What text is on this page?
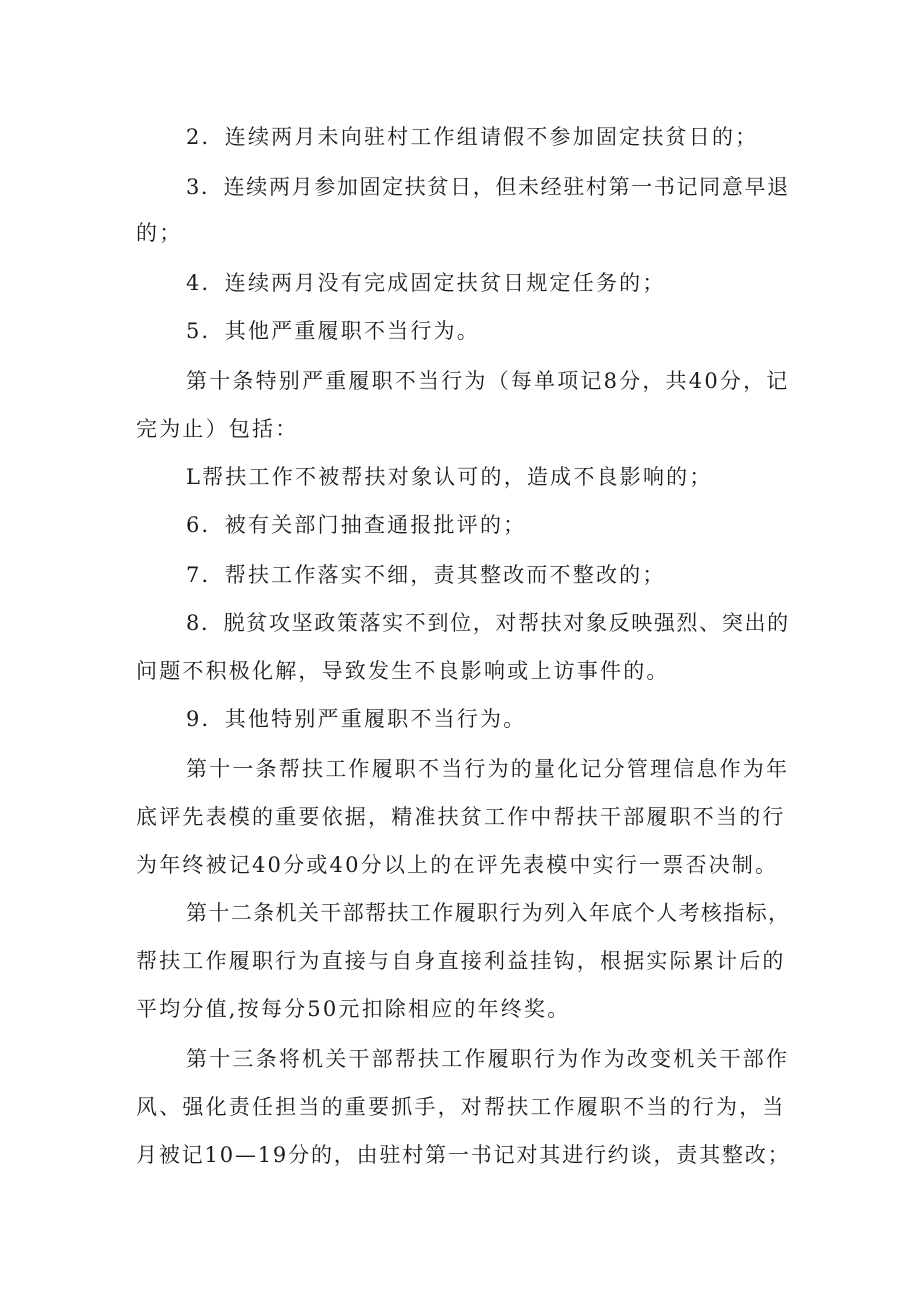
2．连续两月未向驻村工作组请假不参加固定扶贫日的；
3．连续两月参加固定扶贫日，但未经驻村第一书记同意早退
的；
4．连续两月没有完成固定扶贫日规定任务的；
5．其他严重履职不当行为。
第十条特别严重履职不当行为（每单项记8分，共40分，记
完为止）包括：
L帮扶工作不被帮扶对象认可的，造成不良影响的；
6．被有关部门抽查通报批评的；
7．帮扶工作落实不细，责其整改而不整改的；
8．脱贫攻坚政策落实不到位，对帮扶对象反映强烈、突出的
问题不积极化解，导致发生不良影响或上访事件的。
9．其他特别严重履职不当行为。
第十一条帮扶工作履职不当行为的量化记分管理信息作为年
底评先表模的重要依据，精准扶贫工作中帮扶干部履职不当的行
为年终被记40分或40分以上的在评先表模中实行一票否决制。
第十二条机关干部帮扶工作履职行为列入年底个人考核指标，
帮扶工作履职行为直接与自身直接利益挂钩，根据实际累计后的
平均分值,按每分50元扣除相应的年终奖。
第十三条将机关干部帮扶工作履职行为作为改变机关干部作
风、强化责任担当的重要抓手，对帮扶工作履职不当的行为，当
月被记10—19分的，由驻村第一书记对其进行约谈，责其整改；
